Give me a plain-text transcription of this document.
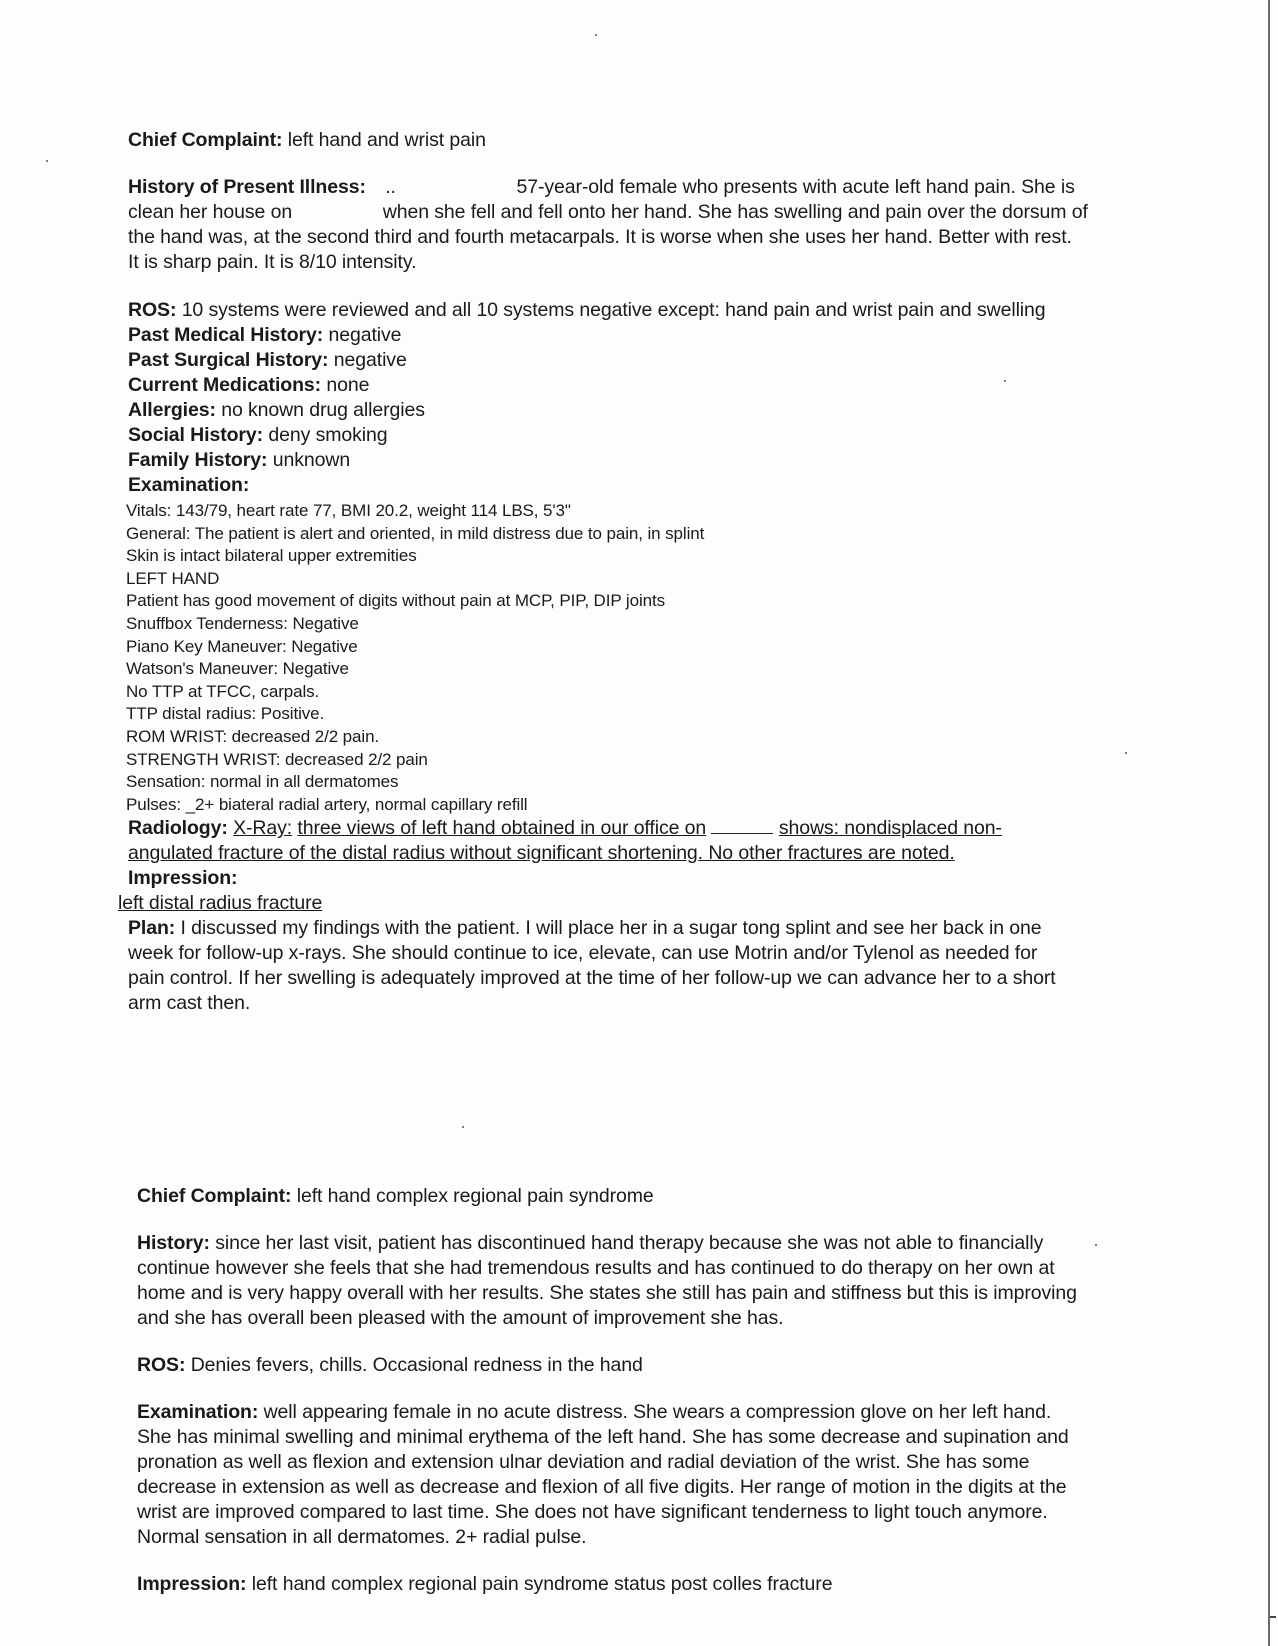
Chief Complaint: left hand and wrist pain
History of Present Illness: ..	57-year-old female who presents with acute left hand pain. She is
clean her house on	when she fell and fell onto her hand. She has swelling and pain over the dorsum of
the hand was, at the second third and fourth metacarpals. It is worse when she uses her hand. Better with rest.
It is sharp pain. It is 8/10 intensity.
ROS: 10 systems were reviewed and all 10 systems negative except: hand pain and wrist pain and swelling
Past Medical History: negative
Past Surgical History: negative
Current Medications: none
Allergies: no known drug allergies
Social History: deny smoking
Family History: unknown
Examination:
Vitals: 143/79, heart rate 77, BMI 20.2, weight 114 LBS, 5'3"
General: The patient is alert and oriented, in mild distress due to pain, in splint
Skin is intact bilateral upper extremities
LEFT HAND
Patient has good movement of digits without pain at MCP, PIP, DIP joints
Snuffbox Tenderness: Negative
Piano Key Maneuver: Negative
Watson's Maneuver: Negative
No TTP at TFCC, carpals.
TTP distal radius: Positive.
ROM WRIST: decreased 2/2 pain.
STRENGTH WRIST: decreased 2/2 pain
Sensation: normal in all dermatomes
Pulses: _2+ biateral radial artery, normal capillary refill
Radiology: X-Ray: three views of left hand obtained in our office on	shows: nondisplaced non-
angulated fracture of the distal radius without significant shortening. No other fractures are noted.
Impression:
left distal radius fracture
Plan: I discussed my findings with the patient. I will place her in a sugar tong splint and see her back in one
week for follow-up x-rays. She should continue to ice, elevate, can use Motrin and/or Tylenol as needed for
pain control. If her swelling is adequately improved at the time of her follow-up we can advance her to a short
arm cast then.
Chief Complaint: left hand complex regional pain syndrome
History: since her last visit, patient has discontinued hand therapy because she was not able to financially
continue however she feels that she had tremendous results and has continued to do therapy on her own at
home and is very happy overall with her results. She states she still has pain and stiffness but this is improving
and she has overall been pleased with the amount of improvement she has.
ROS: Denies fevers, chills. Occasional redness in the hand
Examination: well appearing female in no acute distress. She wears a compression glove on her left hand.
She has minimal swelling and minimal erythema of the left hand. She has some decrease and supination and
pronation as well as flexion and extension ulnar deviation and radial deviation of the wrist. She has some
decrease in extension as well as decrease and flexion of all five digits. Her range of motion in the digits at the
wrist are improved compared to last time. She does not have significant tenderness to light touch anymore.
Normal sensation in all dermatomes. 2+ radial pulse.
Impression: left hand complex regional pain syndrome status post colles fracture
